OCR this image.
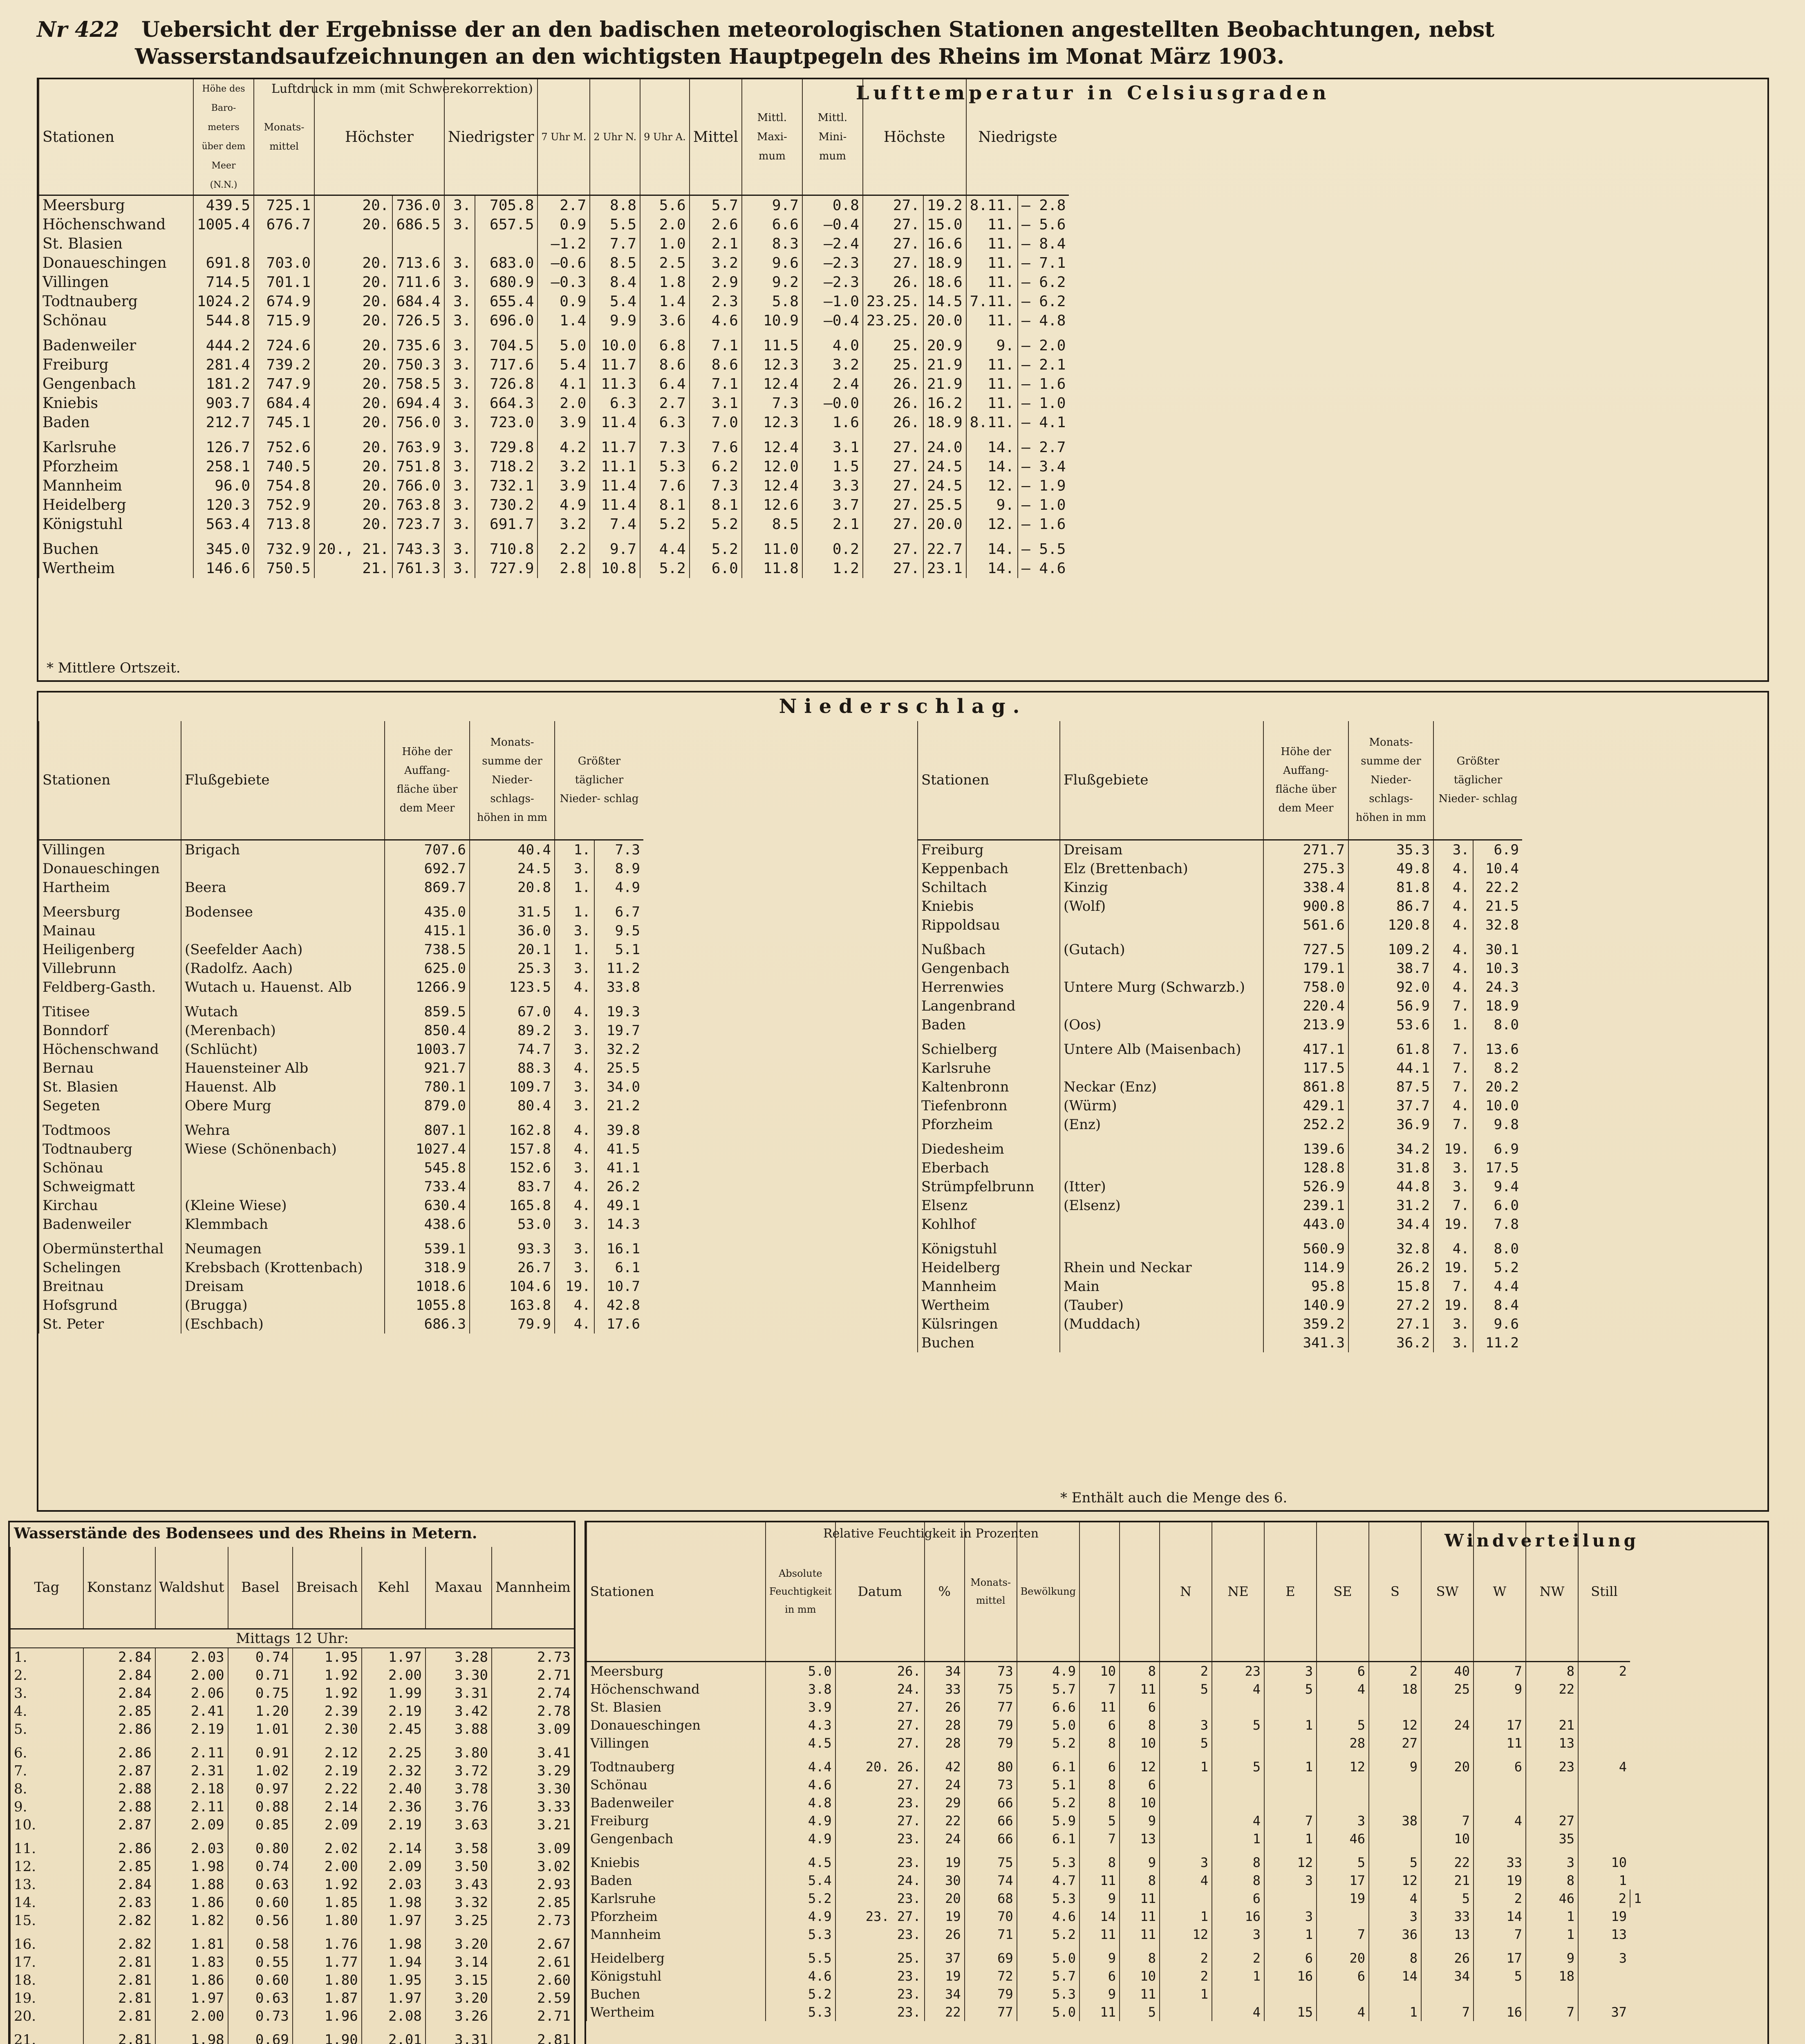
Nr 422 Uebersicht der Ergebnisse der an den badischen meteorologischen Stationen angestellten Beobachtungen, nebst
Wasserstandsaufzeichnungen an den wichtigsten Hauptpegeln des Rheins im Monat März 1903.
Stationen	Höhe des Baro- meters über dem Meer (N.N.)	Monats- mittel	Höchster		Niedrigster		7 Uhr M.	2 Uhr N.	9 Uhr A.	Mittel	Mittl. Maxi- mum	Mittl. Mini- mum	Höchste		Niedrigste	
Meersburg	439.5	725.1	20.	736.0	3.	705.8	2.7	8.8	5.6	5.7	9.7	0.8	27.	19.2	8.11.	– 2.8
Höchenschwand	1005.4	676.7	20.	686.5	3.	657.5	0.9	5.5	2.0	2.6	6.6	–0.4	27.	15.0	11.	– 5.6
St. Blasien							–1.2	7.7	1.0	2.1	8.3	–2.4	27.	16.6	11.	– 8.4
Donaueschingen	691.8	703.0	20.	713.6	3.	683.0	–0.6	8.5	2.5	3.2	9.6	–2.3	27.	18.9	11.	– 7.1
Villingen	714.5	701.1	20.	711.6	3.	680.9	–0.3	8.4	1.8	2.9	9.2	–2.3	26.	18.6	11.	– 6.2
Todtnauberg	1024.2	674.9	20.	684.4	3.	655.4	0.9	5.4	1.4	2.3	5.8	–1.0	23.25.	14.5	7.11.	– 6.2
Schönau	544.8	715.9	20.	726.5	3.	696.0	1.4	9.9	3.6	4.6	10.9	–0.4	23.25.	20.0	11.	– 4.8
Badenweiler	444.2	724.6	20.	735.6	3.	704.5	5.0	10.0	6.8	7.1	11.5	4.0	25.	20.9	9.	– 2.0
Freiburg	281.4	739.2	20.	750.3	3.	717.6	5.4	11.7	8.6	8.6	12.3	3.2	25.	21.9	11.	– 2.1
Gengenbach	181.2	747.9	20.	758.5	3.	726.8	4.1	11.3	6.4	7.1	12.4	2.4	26.	21.9	11.	– 1.6
Kniebis	903.7	684.4	20.	694.4	3.	664.3	2.0	6.3	2.7	3.1	7.3	–0.0	26.	16.2	11.	– 1.0
Baden	212.7	745.1	20.	756.0	3.	723.0	3.9	11.4	6.3	7.0	12.3	1.6	26.	18.9	8.11.	– 4.1
Karlsruhe	126.7	752.6	20.	763.9	3.	729.8	4.2	11.7	7.3	7.6	12.4	3.1	27.	24.0	14.	– 2.7
Pforzheim	258.1	740.5	20.	751.8	3.	718.2	3.2	11.1	5.3	6.2	12.0	1.5	27.	24.5	14.	– 3.4
Mannheim	96.0	754.8	20.	766.0	3.	732.1	3.9	11.4	7.6	7.3	12.4	3.3	27.	24.5	12.	– 1.9
Heidelberg	120.3	752.9	20.	763.8	3.	730.2	4.9	11.4	8.1	8.1	12.6	3.7	27.	25.5	9.	– 1.0
Königstuhl	563.4	713.8	20.	723.7	3.	691.7	3.2	7.4	5.2	5.2	8.5	2.1	27.	20.0	12.	– 1.6
Buchen	345.0	732.9	20., 21.	743.3	3.	710.8	2.2	9.7	4.4	5.2	11.0	0.2	27.	22.7	14.	– 5.5
Wertheim	146.6	750.5	21.	761.3	3.	727.9	2.8	10.8	5.2	6.0	11.8	1.2	27.	23.1	14.	– 4.6
Lufttemperatur in Celsiusgraden
Luftdruck in mm (mit Schwerekorrektion)
* Mittlere Ortszeit.
Niederschlag.
Stationen	Flußgebiete	Höhe der Auffang- fläche über dem Meer	Monats- summe der Nieder- schlags- höhen in mm	Größter täglicher Nieder- schlag	
Villingen	Brigach	707.6	40.4	1.	7.3
Donaueschingen		692.7	24.5	3.	8.9
Hartheim	Beera	869.7	20.8	1.	4.9
Meersburg	Bodensee	435.0	31.5	1.	6.7
Mainau		415.1	36.0	3.	9.5
Heiligenberg	(Seefelder Aach)	738.5	20.1	1.	5.1
Villebrunn	(Radolfz. Aach)	625.0	25.3	3.	11.2
Feldberg-Gasth.	Wutach u. Hauenst. Alb	1266.9	123.5	4.	33.8
Titisee	Wutach	859.5	67.0	4.	19.3
Bonndorf	(Merenbach)	850.4	89.2	3.	19.7
Höchenschwand	(Schlücht)	1003.7	74.7	3.	32.2
Bernau	Hauensteiner Alb	921.7	88.3	4.	25.5
St. Blasien	Hauenst. Alb	780.1	109.7	3.	34.0
Segeten	Obere Murg	879.0	80.4	3.	21.2
Todtmoos	Wehra	807.1	162.8	4.	39.8
Todtnauberg	Wiese (Schönenbach)	1027.4	157.8	4.	41.5
Schönau		545.8	152.6	3.	41.1
Schweigmatt		733.4	83.7	4.	26.2
Kirchau	(Kleine Wiese)	630.4	165.8	4.	49.1
Badenweiler	Klemmbach	438.6	53.0	3.	14.3
Obermünsterthal	Neumagen	539.1	93.3	3.	16.1
Schelingen	Krebsbach (Krottenbach)	318.9	26.7	3.	6.1
Breitnau	Dreisam	1018.6	104.6	19.	10.7
Hofsgrund	(Brugga)	1055.8	163.8	4.	42.8
St. Peter	(Eschbach)	686.3	79.9	4.	17.6
Stationen	Flußgebiete	Höhe der Auffang- fläche über dem Meer	Monats- summe der Nieder- schlags- höhen in mm	Größter täglicher Nieder- schlag	
Freiburg	Dreisam	271.7	35.3	3.	6.9
Keppenbach	Elz (Brettenbach)	275.3	49.8	4.	10.4
Schiltach	Kinzig	338.4	81.8	4.	22.2
Kniebis	(Wolf)	900.8	86.7	4.	21.5
Rippoldsau		561.6	120.8	4.	32.8
Nußbach	(Gutach)	727.5	109.2	4.	30.1
Gengenbach		179.1	38.7	4.	10.3
Herrenwies	Untere Murg (Schwarzb.)	758.0	92.0	4.	24.3
Langenbrand		220.4	56.9	7.	18.9
Baden	(Oos)	213.9	53.6	1.	8.0
Schielberg	Untere Alb (Maisenbach)	417.1	61.8	7.	13.6
Karlsruhe		117.5	44.1	7.	8.2
Kaltenbronn	Neckar (Enz)	861.8	87.5	7.	20.2
Tiefenbronn	(Würm)	429.1	37.7	4.	10.0
Pforzheim	(Enz)	252.2	36.9	7.	9.8
Diedesheim		139.6	34.2	19.	6.9
Eberbach		128.8	31.8	3.	17.5
Strümpfelbrunn	(Itter)	526.9	44.8	3.	9.4
Elsenz	(Elsenz)	239.1	31.2	7.	6.0
Kohlhof		443.0	34.4	19.	7.8
Königstuhl		560.9	32.8	4.	8.0
Heidelberg	Rhein und Neckar	114.9	26.2	19.	5.2
Mannheim	Main	95.8	15.8	7.	4.4
Wertheim	(Tauber)	140.9	27.2	19.	8.4
Külsringen	(Muddach)	359.2	27.1	3.	9.6
Buchen		341.3	36.2	3.	11.2
* Enthält auch die Menge des 6.
Wasserstände des Bodensees und des Rheins in Metern.
Tag	Konstanz	Waldshut	Basel	Breisach	Kehl	Maxau	Mannheim
Mittags 12 Uhr:							
1.	2.84	2.03	0.74	1.95	1.97	3.28	2.73
2.	2.84	2.00	0.71	1.92	2.00	3.30	2.71
3.	2.84	2.06	0.75	1.92	1.99	3.31	2.74
4.	2.85	2.41	1.20	2.39	2.19	3.42	2.78
5.	2.86	2.19	1.01	2.30	2.45	3.88	3.09
6.	2.86	2.11	0.91	2.12	2.25	3.80	3.41
7.	2.87	2.31	1.02	2.19	2.32	3.72	3.29
8.	2.88	2.18	0.97	2.22	2.40	3.78	3.30
9.	2.88	2.11	0.88	2.14	2.36	3.76	3.33
10.	2.87	2.09	0.85	2.09	2.19	3.63	3.21
11.	2.86	2.03	0.80	2.02	2.14	3.58	3.09
12.	2.85	1.98	0.74	2.00	2.09	3.50	3.02
13.	2.84	1.88	0.63	1.92	2.03	3.43	2.93
14.	2.83	1.86	0.60	1.85	1.98	3.32	2.85
15.	2.82	1.82	0.56	1.80	1.97	3.25	2.73
16.	2.82	1.81	0.58	1.76	1.98	3.20	2.67
17.	2.81	1.83	0.55	1.77	1.94	3.14	2.61
18.	2.81	1.86	0.60	1.80	1.95	3.15	2.60
19.	2.81	1.97	0.63	1.87	1.97	3.20	2.59
20.	2.81	2.00	0.73	1.96	2.08	3.26	2.71
21.	2.81	1.98	0.69	1.90	2.01	3.31	2.81

Stationen	Absolute Feuchtigkeit in mm	Datum	%	Monats- mittel	Bewölkung			N	NE	E	SE	S	SW	W	NW	Still	
Meersburg	5.0	26.	34	73	4.9	10	8	2	23	3	6	2	40	7	8	2	
Höchenschwand	3.8	24.	33	75	5.7	7	11	5	4	5	4	18	25	9	22		
St. Blasien	3.9	27.	26	77	6.6	11	6										
Donaueschingen	4.3	27.	28	79	5.0	6	8	3	5	1	5	12	24	17	21		
Villingen	4.5	27.	28	79	5.2	8	10	5			28	27		11	13		
Todtnauberg	4.4	20. 26.	42	80	6.1	6	12	1	5	1	12	9	20	6	23	4	
Schönau	4.6	27.	24	73	5.1	8	6										
Badenweiler	4.8	23.	29	66	5.2	8	10										
Freiburg	4.9	27.	22	66	5.9	5	9		4	7	3	38	7	4	27		
Gengenbach	4.9	23.	24	66	6.1	7	13		1	1	46		10		35		
Kniebis	4.5	23.	19	75	5.3	8	9	3	8	12	5	5	22	33	3	10	
Baden	5.4	24.	30	74	4.7	11	8	4	8	3	17	12	21	19	8	1	
Karlsruhe	5.2	23.	20	68	5.3	9	11		6		19	4	5	2	46	2	1
Pforzheim	4.9	23. 27.	19	70	4.6	14	11	1	16	3		3	33	14	1	19	
Mannheim	5.3	23.	26	71	5.2	11	11	12	3	1	7	36	13	7	1	13	
Heidelberg	5.5	25.	37	69	5.0	9	8	2	2	6	20	8	26	17	9	3	
Königstuhl	4.6	23.	19	72	5.7	6	10	2	1	16	6	14	34	5	18		
Buchen	5.2	23.	34	79	5.3	9	11	1									
Wertheim	5.3	23.	22	77	5.0	11	5		4	15	4	1	7	16	7	37	
Relative Feuchtigkeit in Prozenten	Windverteilung
